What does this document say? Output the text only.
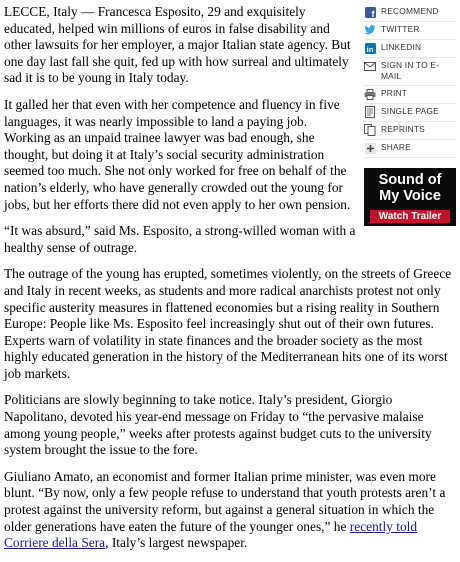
f RECOMMEND
TWITTER
in LINKEDIN
SIGN IN TO E-MAIL
PRINT
SINGLE PAGE
REPRINTS
SHARE
Sound of
My Voice
Watch Trailer

LECCE, Italy — Francesca Esposito, 29 and exquisitely educated, helped win millions of euros in false disability and other lawsuits for her employer, a major Italian state agency. But one day last fall she quit, fed up with how surreal and ultimately sad it is to be young in Italy today.

It galled her that even with her competence and fluency in five languages, it was nearly impossible to land a paying job. Working as an unpaid trainee lawyer was bad enough, she thought, but doing it at Italy’s social security administration seemed too much. She not only worked for free on behalf of the nation’s elderly, who have generally crowded out the young for jobs, but her efforts there did not even apply to her own pension.

“It was absurd,” said Ms. Esposito, a strong-willed woman with a healthy sense of outrage.

The outrage of the young has erupted, sometimes violently, on the streets of Greece and Italy in recent weeks, as students and more radical anarchists protest not only specific austerity measures in flattened economies but a rising reality in Southern Europe: People like Ms. Esposito feel increasingly shut out of their own futures. Experts warn of volatility in state finances and the broader society as the most highly educated generation in the history of the Mediterranean hits one of its worst job markets.

Politicians are slowly beginning to take notice. Italy’s president, Giorgio Napolitano, devoted his year-end message on Friday to “the pervasive malaise among young people,” weeks after protests against budget cuts to the university system brought the issue to the fore.

Giuliano Amato, an economist and former Italian prime minister, was even more blunt. “By now, only a few people refuse to understand that youth protests aren’t a protest against the university reform, but against a general situation in which the older generations have eaten the future of the younger ones,” he recently told Corriere della Sera, Italy’s largest newspaper.
